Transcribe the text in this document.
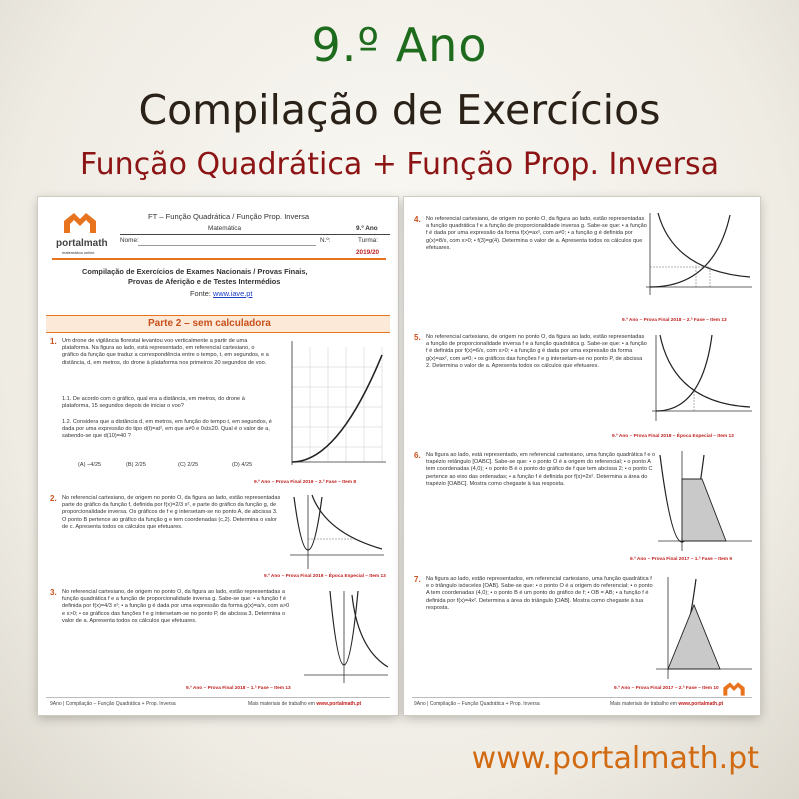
9.º Ano
Compilação de Exercícios
Função Quadrática + Função Prop. Inversa
portalmath
matemática online
FT – Função Quadrática / Função Prop. Inversa
Matemática	9.º Ano
Nome:	N.º:	Turma:
2019/20
Compilação de Exercícios de Exames Nacionais / Provas Finais,
Provas de Aferição e de Testes Intermédios
Fonte: www.iave.pt
Parte 2 – sem calculadora
1. Um drone de vigilância florestal levantou voo verticalmente a partir de uma plataforma. Na figura ao lado, está representado, em referencial cartesiano, o gráfico da função que traduz a correspondência entre o tempo, t, em segundos, e a distância, d, em metros, do drone à plataforma nos primeiros 20 segundos de voo.
1.1. De acordo com o gráfico, qual era a distância, em metros, do drone à plataforma, 15 segundos depois de iniciar o voo?
1.2. Considera que a distância d, em metros, em função do tempo t, em segundos, é dada por uma expressão do tipo d(t)=at², em que a≠0 e 0≤t≤20. Qual é o valor de a, sabendo-se que d(10)=40 ?
(A) −4/25	(B) 2/25	(C) 2/25	(D) 4/25
9.º Ano – Prova Final 2019 – 2.ª Fase – Item 8
2. No referencial cartesiano, de origem no ponto O, da figura ao lado, estão representadas parte do gráfico da função f, definida por f(x)=2/3 x², e parte do gráfico da função g, de proporcionalidade inversa. Os gráficos de f e g intersetam-se no ponto A, de abcissa 3. O ponto B pertence ao gráfico da função g e tem coordenadas (c,2). Determina o valor de c. Apresenta todos os cálculos que efetuares.
9.º Ano – Prova Final 2019 – Época Especial – Item 13
3. No referencial cartesiano, de origem no ponto O, da figura ao lado, estão representadas a função quadrática f e a função de proporcionalidade inversa g. Sabe-se que: • a função f é definida por f(x)=4/3 x²; • a função g é dada por uma expressão da forma g(x)=a/x, com a>0 e x>0; • os gráficos das funções f e g intersetam-se no ponto P, de abcissa 3. Determina o valor de a. Apresenta todos os cálculos que efetuares.
9.º Ano – Prova Final 2018 – 1.ª Fase – Item 13
9Ano | Compilação – Função Quadrática + Prop. Inversa	Mais materiais de trabalho em www.portalmath.pt
4. No referencial cartesiano, de origem no ponto O, da figura ao lado, estão representadas a função quadrática f e a função de proporcionalidade inversa g. Sabe-se que: • a função f é dada por uma expressão da forma f(x)=ax², com a≠0; • a função g é definida por g(x)=8/x, com x>0; • f(3)=g(4). Determina o valor de a. Apresenta todos os cálculos que efetuares.
9.º Ano – Prova Final 2018 – 2.ª Fase – Item 13
5. No referencial cartesiano, de origem no ponto O, da figura ao lado, estão representadas a função de proporcionalidade inversa f e a função quadrática g. Sabe-se que: • a função f é definida por f(x)=6/x, com x>0; • a função g é dada por uma expressão da forma g(x)=ax², com a≠0; • os gráficos das funções f e g intersetam-se no ponto P, de abcissa 2. Determina o valor de a. Apresenta todos os cálculos que efetuares.
9.º Ano – Prova Final 2018 – Época Especial – Item 13
6. Na figura ao lado, está representado, em referencial cartesiano, uma função quadrática f e o trapézio retângulo [OABC]. Sabe-se que: • o ponto O é a origem do referencial; • o ponto A tem coordenadas (4,0); • o ponto B é o ponto do gráfico de f que tem abcissa 2; • o ponto C pertence ao eixo das ordenadas; • a função f é definida por f(x)=2x². Determina a área do trapézio [OABC]. Mostra como chegaste à tua resposta.
9.º Ano – Prova Final 2017 – 1.ª Fase – Item 9
7. Na figura ao lado, estão representados, em referencial cartesiano, uma função quadrática f e o triângulo isósceles [OAB]. Sabe-se que: • o ponto O é a origem do referencial; • o ponto A tem coordenadas (4,0); • o ponto B é um ponto do gráfico de f; • OB = AB; • a função f é definida por f(x)=4x². Determina a área do triângulo [OAB]. Mostra como chegaste à tua resposta.
9.º Ano – Prova Final 2017 – 2.ª Fase – Item 10
9Ano | Compilação – Função Quadrática + Prop. Inversa	Mais materiais de trabalho em www.portalmath.pt
www.portalmath.pt
